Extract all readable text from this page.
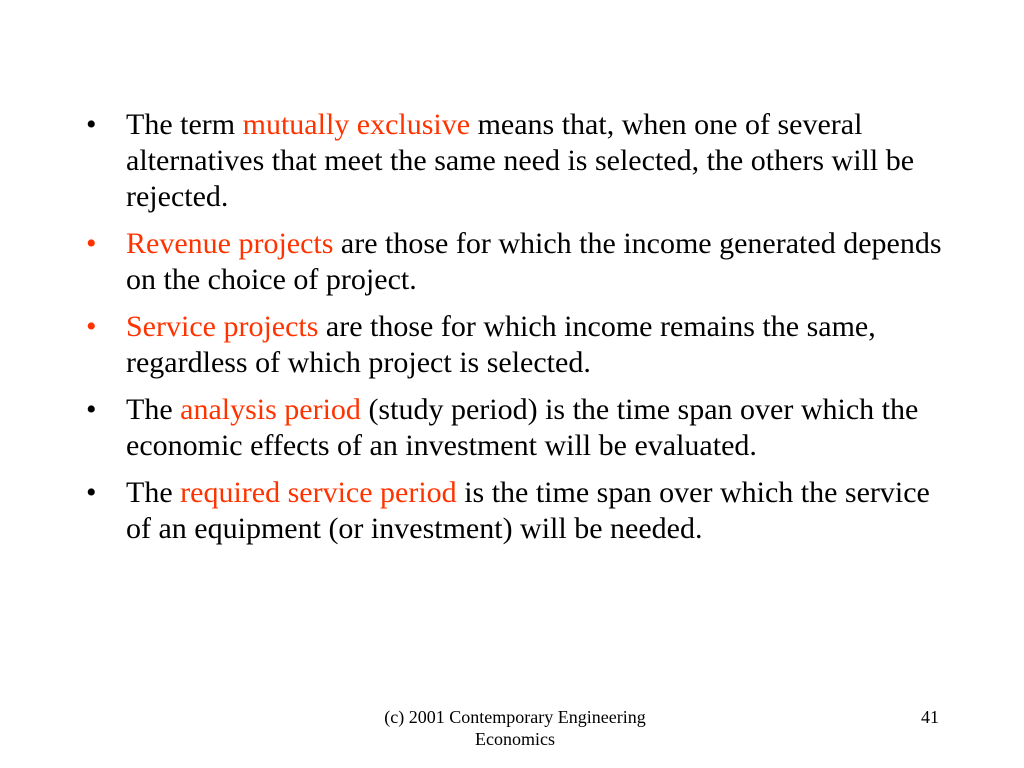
• The term mutually exclusive means that, when one of several alternatives that meet the same need is selected, the others will be rejected.
• Revenue projects are those for which the income generated depends on the choice of project.
• Service projects are those for which income remains the same, regardless of which project is selected.
• The analysis period (study period) is the time span over which the economic effects of an investment will be evaluated.
• The required service period is the time span over which the service of an equipment (or investment) will be needed.
(c) 2001 Contemporary Engineering
Economics
41
